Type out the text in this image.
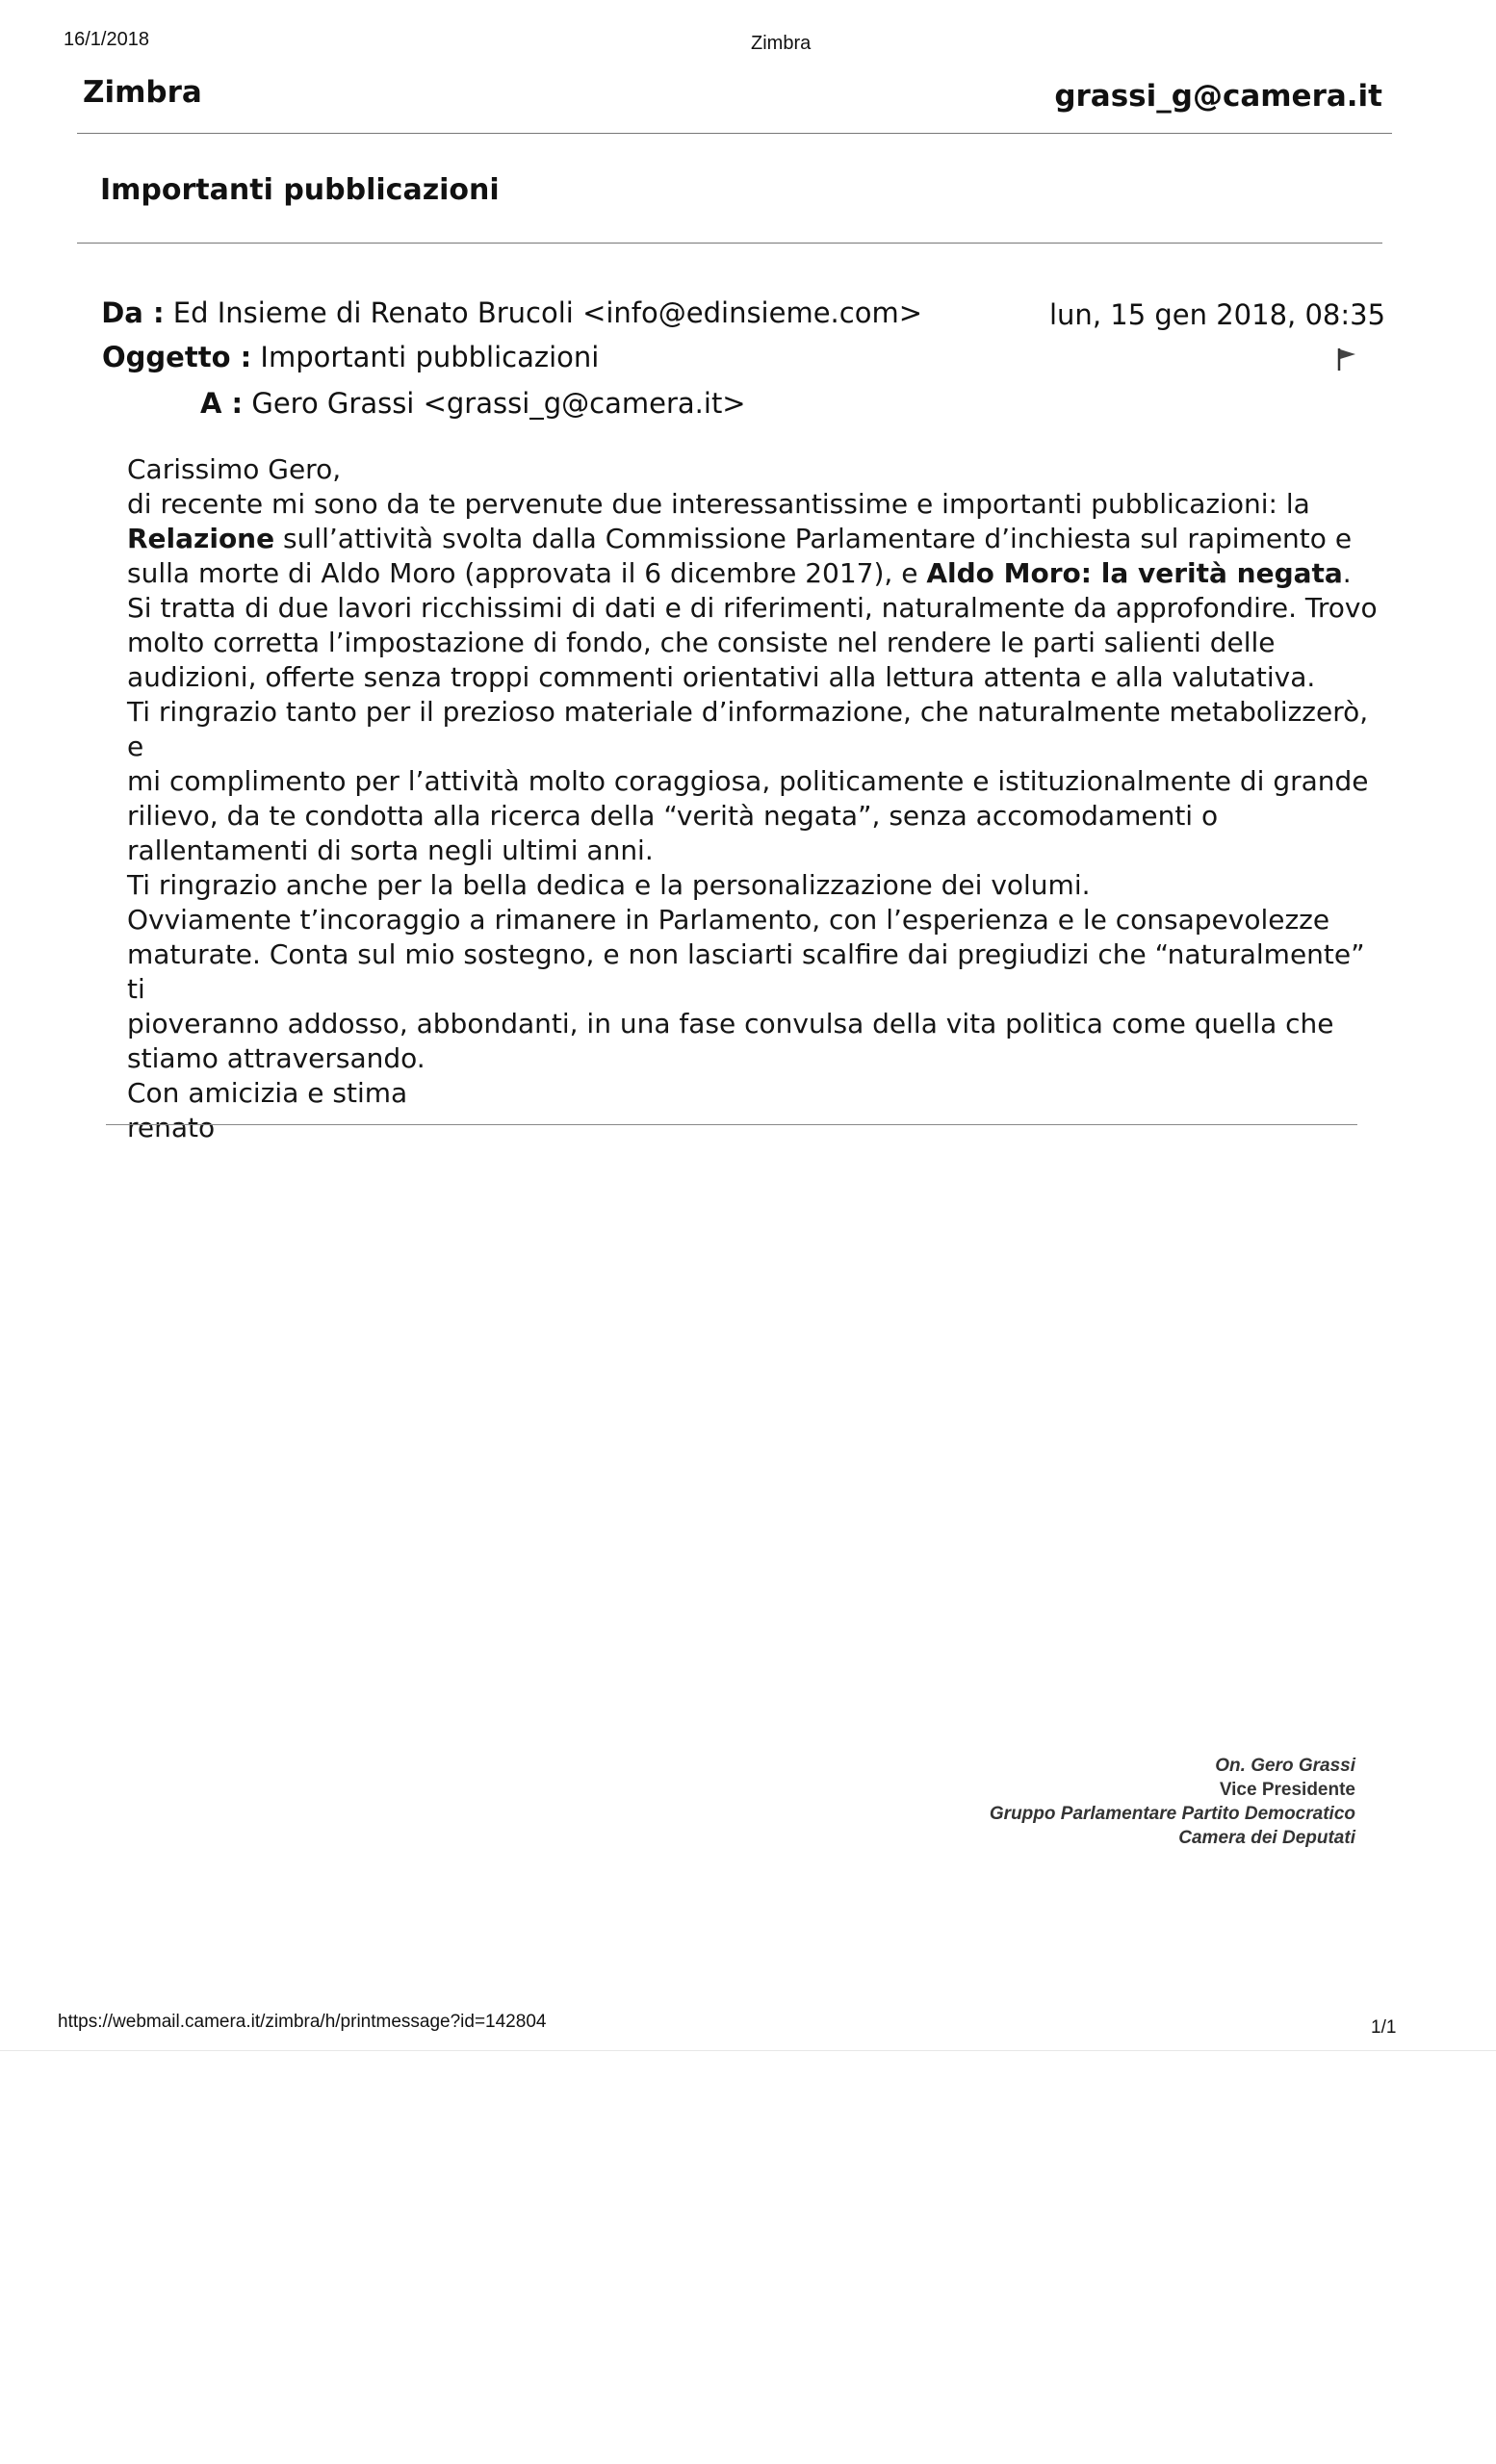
16/1/2018	Zimbra
Zimbra	grassi_g@camera.it
Importanti pubblicazioni
Da : Ed Insieme di Renato Brucoli <info@edinsieme.com>	lun, 15 gen 2018, 08:35
Oggetto : Importanti pubblicazioni
A : Gero Grassi <grassi_g@camera.it>
Carissimo Gero,
di recente mi sono da te pervenute due interessantissime e importanti pubblicazioni: la
Relazione sull’attività svolta dalla Commissione Parlamentare d’inchiesta sul rapimento e
sulla morte di Aldo Moro (approvata il 6 dicembre 2017), e Aldo Moro: la verità negata.
Si tratta di due lavori ricchissimi di dati e di riferimenti, naturalmente da approfondire. Trovo
molto corretta l’impostazione di fondo, che consiste nel rendere le parti salienti delle
audizioni, offerte senza troppi commenti orientativi alla lettura attenta e alla valutativa.
Ti ringrazio tanto per il prezioso materiale d’informazione, che naturalmente metabolizzerò, e
mi complimento per l’attività molto coraggiosa, politicamente e istituzionalmente di grande
rilievo, da te condotta alla ricerca della “verità negata”, senza accomodamenti o
rallentamenti di sorta negli ultimi anni.
Ti ringrazio anche per la bella dedica e la personalizzazione dei volumi.
Ovviamente t’incoraggio a rimanere in Parlamento, con l’esperienza e le consapevolezze
maturate. Conta sul mio sostegno, e non lasciarti scalfire dai pregiudizi che “naturalmente” ti
pioveranno addosso, abbondanti, in una fase convulsa della vita politica come quella che
stiamo attraversando.
Con amicizia e stima
renato
On. Gero Grassi
Vice Presidente
Gruppo Parlamentare Partito Democratico
Camera dei Deputati
https://webmail.camera.it/zimbra/h/printmessage?id=142804	1/1
